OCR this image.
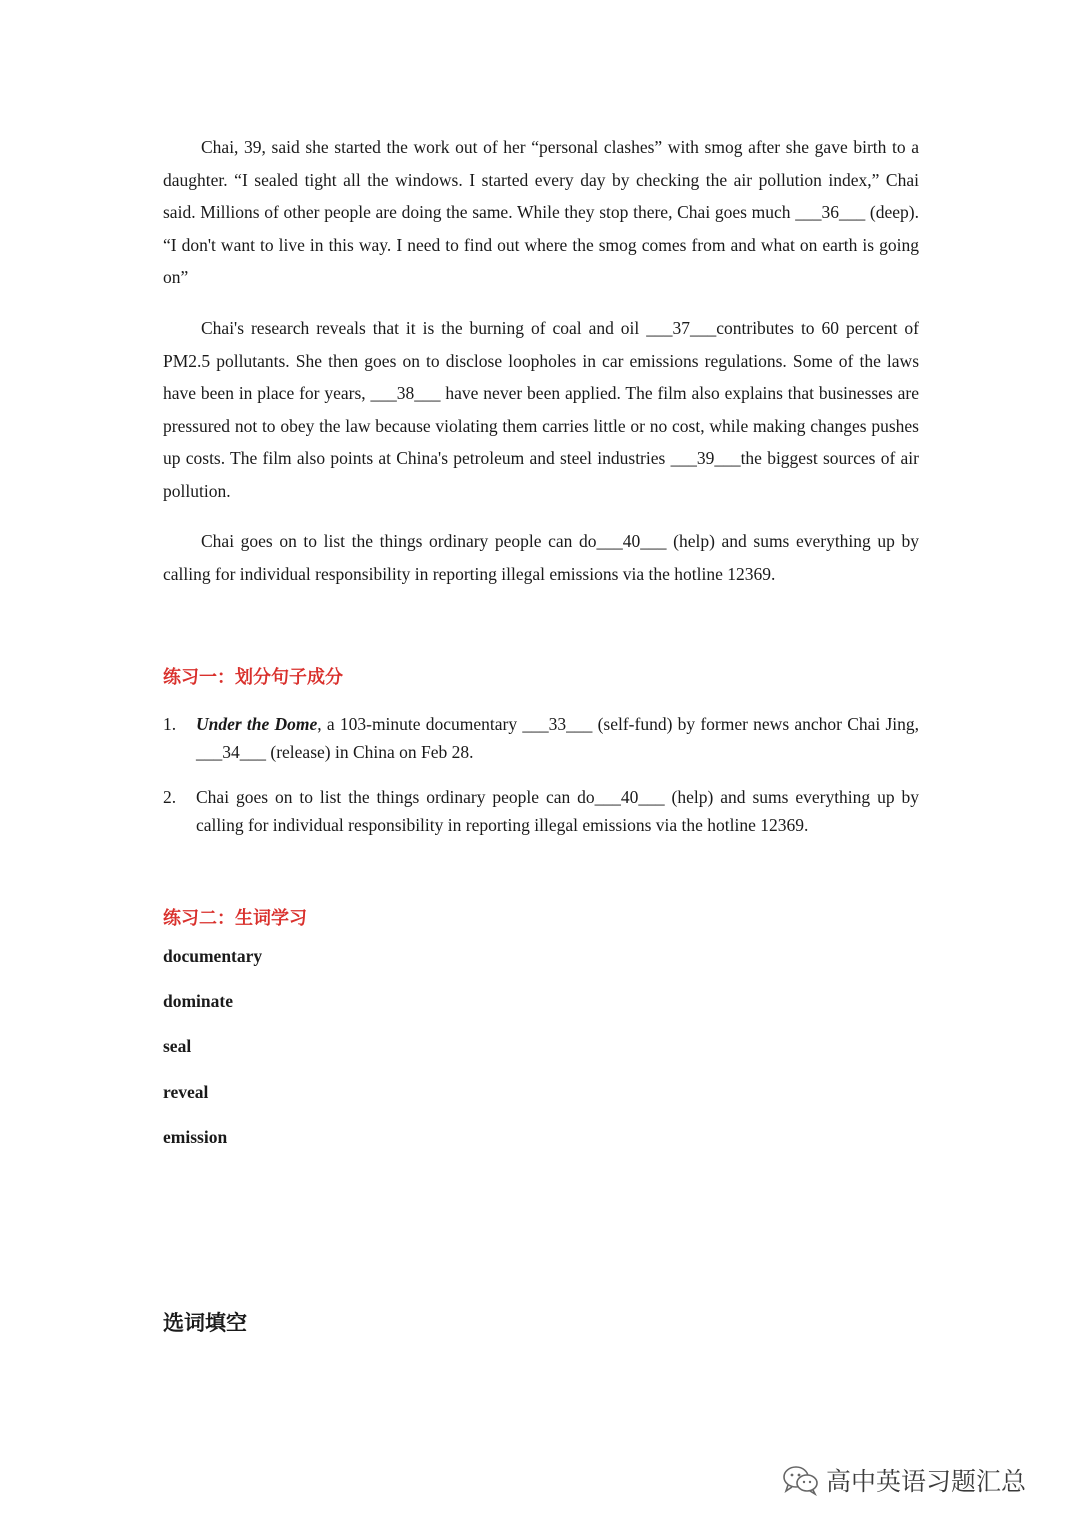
Chai, 39, said she started the work out of her “personal clashes” with smog after she gave birth to a daughter. “I sealed tight all the windows. I started every day by checking the air pollution index,” Chai said. Millions of other people are doing the same. While they stop there, Chai goes much ___36___ (deep). “I don't want to live in this way. I need to find out where the smog comes from and what on earth is going on”

Chai's research reveals that it is the burning of coal and oil ___37___contributes to 60 percent of PM2.5 pollutants. She then goes on to disclose loopholes in car emissions regulations. Some of the laws have been in place for years, ___38___ have never been applied. The film also explains that businesses are pressured not to obey the law because violating them carries little or no cost, while making changes pushes up costs. The film also points at China's petroleum and steel industries ___39___the biggest sources of air pollution.

Chai goes on to list the things ordinary people can do___40___ (help) and sums everything up by calling for individual responsibility in reporting illegal emissions via the hotline 12369.

练习一：划分句子成分
1. Under the Dome, a 103-minute documentary ___33___ (self-fund) by former news anchor Chai Jing, ___34___ (release) in China on Feb 28.
2. Chai goes on to list the things ordinary people can do___40___ (help) and sums everything up by calling for individual responsibility in reporting illegal emissions via the hotline 12369.
练习二：生词学习

documentary

dominate

seal

reveal

emission

选词填空
高中英语习题汇总
